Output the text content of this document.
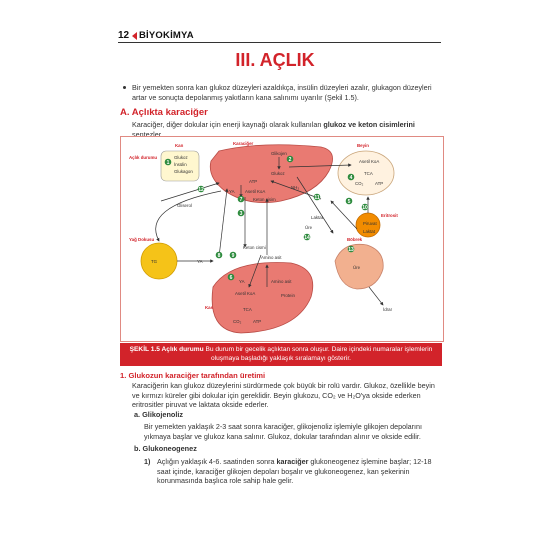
12 BİYOKİMYA
III. AÇLIK
Bir yemekten sonra kan glukoz düzeyleri azaldıkça, insülin düzeyleri azalır, glukagon düzeyleri artar ve sonuçta depolanmış yakıtların kana salınımı uyarılır (Şekil 1.5).
A. Açlıkta karaciğer
Karaciğer, diğer dokular için enerji kaynağı olarak kullanılan glukoz ve keton cisimlerini sentezler.
1	2
3
4
5
6
7
8 9
10
11
12
13
14
Açlık durumu
Kan
Glukoz
İnsülin
Glukagon
Karaciğer
Glikojen
Glukoz
ATP
YA Asetil KoA
Keton cisim
NH₃
Beyin
Asetil KoA
TCA
CO₂	ATP
Gliserol
Laktat	Eritrosit
Piruvat
Laktat
Üre
Yağ Dokusu
TG	YA
Keton cismi
Amino asit
Böbrek
Üre
İdrar
Kas
Amino asit
Protein
YA
Asetil KoA
TCA
CO₂	ATP
ŞEKİL 1.5 Açlık durumu Bu durum bir gecelik açlıktan sonra oluşur. Daire içindeki numaralar işlemlerin oluşmaya başladığı yaklaşık sıralamayı gösterir.
1. Glukozun karaciğer tarafından üretimi
Karaciğerin kan glukoz düzeylerini sürdürmede çok büyük bir rolü vardır. Glukoz, özellikle beyin ve kırmızı küreler gibi dokular için gereklidir. Beyin glukozu, CO₂ ve H₂O'ya okside ederken eritrositler piruvat ve laktata okside ederler.
a. Glikojenoliz
Bir yemekten yaklaşık 2-3 saat sonra karaciğer, glikojenoliz işlemiyle glikojen depolarını yıkmaya başlar ve glukoz kana salınır. Glukoz, dokular tarafından alınır ve okside edilir.
b. Glukoneogenez
1) Açlığın yaklaşık 4-6. saatinden sonra karaciğer glukoneogenez işlemine başlar; 12-18 saat içinde, karaciğer glikojen depoları boşalır ve glukoneogenez, kan şekerinin korunmasında başlıca role sahip hale gelir.
